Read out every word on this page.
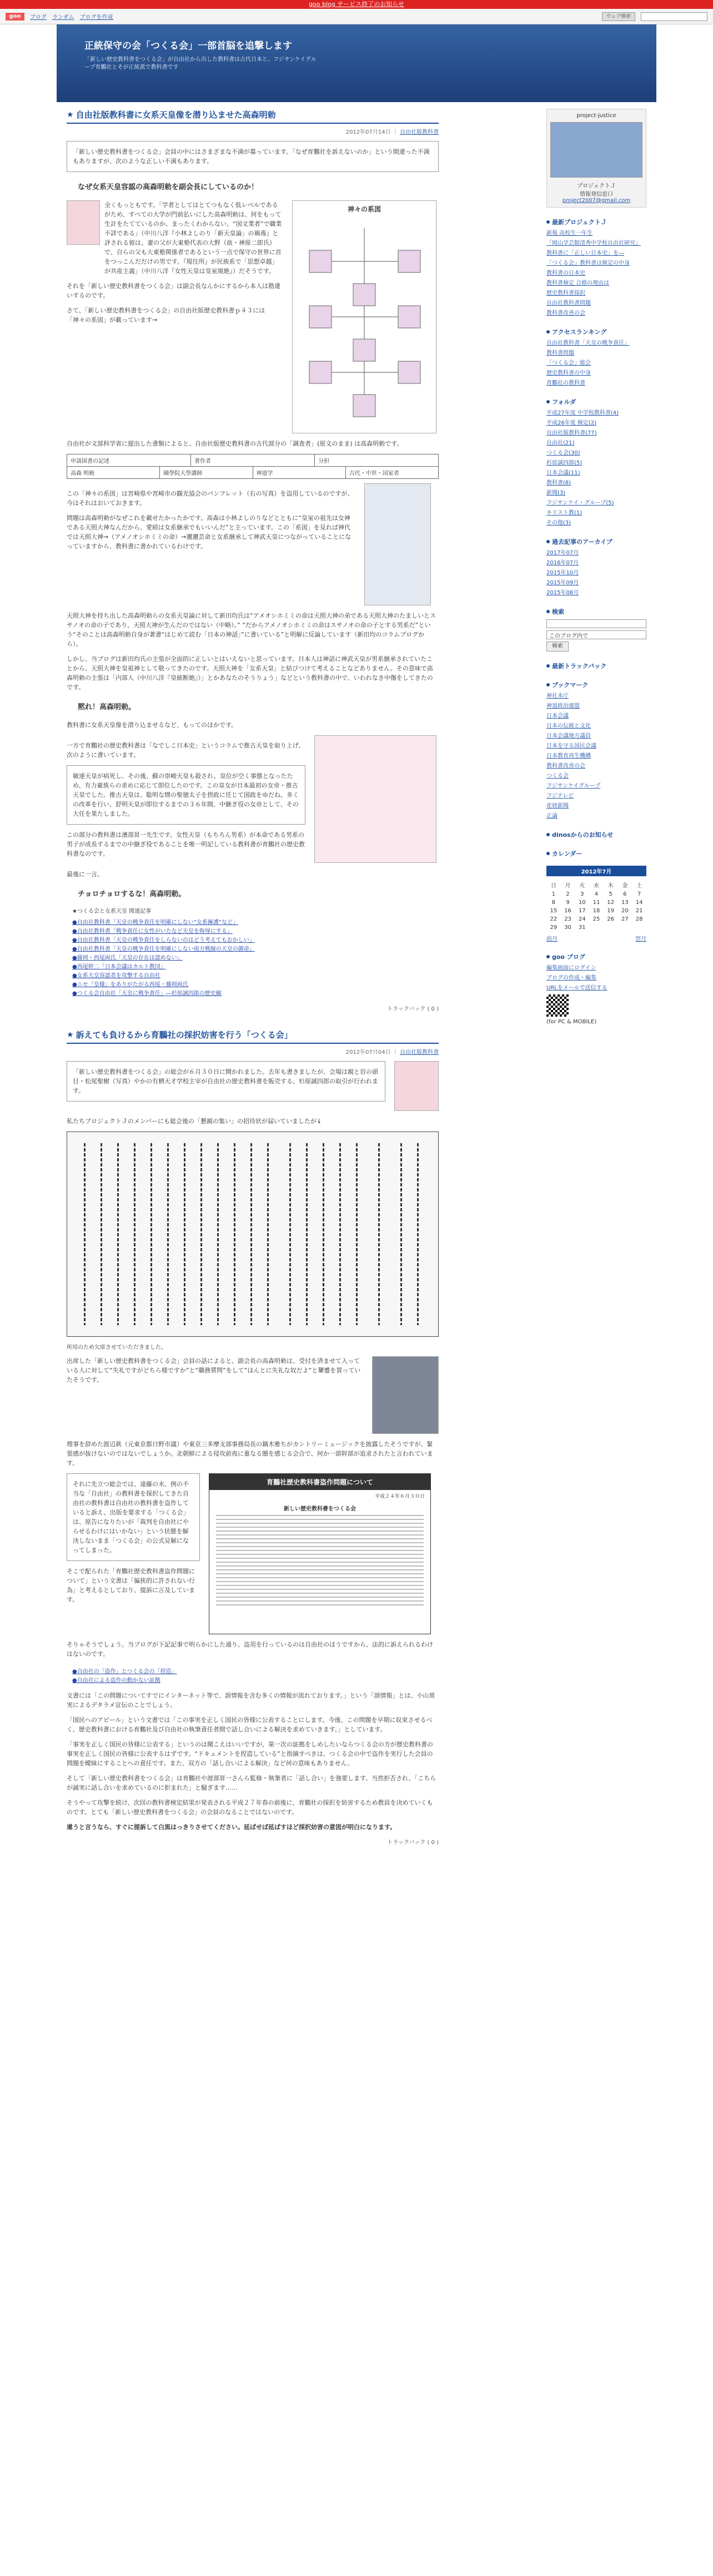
goo blog サービス終了のお知らせ
goo	ブログ ランダム ブログを作成	ウェブ検索
正統保守の会「つくる会」一部首脳を追撃します
「新しい歴史教科書をつくる会」が自由社から出した教科書は古代日本と、フジサンケイグループ育鵬社とそが正統派で教科書です
★ 自由社版教科書に女系天皇像を潜り込ませた高森明勅
2012年07月14日 ｜ 自由社版教科書
「新しい歴史教科書をつくる会」会員の中にはさまざまな不満が募っています。「なぜ育鵬社を訴えないのか」という間違った不満もありますが、次のような正しい不満もあります。
なぜ女系天皇容認の高森明勅を副会長にしているのか！
全くもっともです。「学者としてはとてつもなく低レベルであるがため、すべての大学が門前払いにした高森明勅は、何をもって生計をたてているのか、まったくわからない。“国文業者”で職業不詳である」（中川八洋『小林よしのり「新天皇論」の禍毒』と評される彼は、妻の父が大東塾代表の大野（故・神原二郎氏）で、自らの父も大東塾関係者であるという一点で保守の世界に首をつっこんだだけの男です。『現住所』が民族系で「思想卓越」が共産主義」（中川八洋『女性天皇は皇室廃絶』）だそうです。
それを「新しい歴史教科書をつくる会」は副会長なんかにするから本人は勘違いするのです。
さて、「新しい歴史教科書をつくる会」の自由社版歴史教科書ｐ４３には「神々の系図」が載っています→
神々の系図
自由社が文部科学省に提出した書類によると、自由社版歴史教科書の古代部分の「調査者」(原文のまま) は高森明勅です。
申請図書の記述	著作者	分担
高森 明勅	國學院大學講師	神道学	古代・中世・国家者
この「神々の系図」は宮崎県や宮崎市の観光協会のパンフレット（右の写真）を盗用しているのですが、今はそれはおいておきます。
問題は高森明勅がなぜこれを載せたかったかです。高森は小林よしのりなどとともに“皇室の祖先は女神である天照大神なんだから、愛続は女系継承でもいいんだ”と主っています。この「系図」を見れば神代では天照大神→（アメノオシホミミの命）→邇邇芸命と女系継承して神武天皇につながっていることになっていますから、教科書に書かれているわけです。
天照大神を持ち出した高森明勅らの女系天皇論に対して新田均氏は“アメオシホミミの命は天照大神の弟である天照大神のたましいとスサノオの命の子であり、天照大神が生んだのではない（中略）。” “だからアメノオシホミミの命はスサノオの命の子とする男系だ”という“そのことは高森明勅自身が著書“はじめて読む「日本の神話」”に書いている”と明解に反論しています（新田均のコラムブログから）。
しかし、当ブログは新田均氏の主張が全面的に正しいとはいえないと思っています。日本人は神話に神武天皇が男系継承されていたことから、天照大神を皇祖神として敬ってきたのです。天照大神を「女系天皇」と結びつけて考えることなどありません。その意味で高森明勅の主張は「内部人（中川八洋『皇統断絶』）」とかあなたのそうりょう」などという教科書の中で、いわれなき中傷をしてきたのです。
黙れ！高森明勅。
教科書に女系天皇像を潜り込ませるなど、もってのほかです。
一方で育鵬社の歴史教科書は「なでしこ日本史」というコラムで推古天皇を取り上げ、次のように書いています。
敏達天皇が病死し、その後、蘇の崇峻天皇も殺され、皇位が空く事態となったため、有力豪族らの求めに応じて即位したのです。この皇女が日本最初の女帝・推古天皇でした。推古天皇は、聡明な甥の聖徳太子を摂政に任じて国政をゆだね、多くの改革を行い、舒明天皇が即位するまでの３６年間、中継ぎ役の女帝として、その大任を果たしました。
この部分の教科書は濱部昇一先生です。女性天皇（もちろん男系）が本命である男系の男子が成長するまでの中継ぎ役であることを唯一明記している教科書が育鵬社の歴史教科書なのです。
最後に一言。
チョロチョロするな！高森明勅。
★つくる会と女系天皇 関連記事
●自由社教科書「天皇の戦争責任を明確にしない”女系擁護”など」
●自由社教科書「戦争責任に女性がいたなど天皇を侮辱にする」
●自由社教科書「天皇の戦争責任をしらないのはどう考えてもおかしい」
●自由社教科書「天皇の戦争責任を明確にしない南方戦線の天皇の御命」
●藤岡・西尾両氏「天皇の存在は認めない」
●西尾幹二「日本会議はカルト教団」
●女系天皇容認者を攻撃する自由社
●ニセ「皇様」をありがたがる西尾・藤岡両氏
●つくる会自由社「天皇に戦争責任」―杉原誠四郎の歴史観
トラックバック ( 0 )
★ 訴えても負けるから育鵬社の採択妨害を行う「つくる会」
2012年07月04日 ｜ 自由社版教科書
「新しい歴史教科書をつくる会」の総会が６月３０日に開かれました。去年も書きましたが、会場は親と岩の頭目・松尾聖樹（写真）やかの有栖天才学校主宰が自由社の歴史教科書を販売する、杉原誠四郎の取引が行われます。
私たちプロジェクトＪのメンバーにも総会後の「懇親の集い」の招待状が届いていましたが↓
所用のため欠席させていただきました。
出席した「新しい歴史教科書をつくる会」会員の話によると、副会長の高森明勅は、受付を済ませて入っている人に対して“失礼ですがどちら様ですか”と“職務質問”をして“ほんとに失礼な奴だよ”と顰蹙を買っていたそうです。
理事を辞めた渡辺眞（元東京都日野市議）や東京三多摩支部事務局長の鍋木雅ちがカントリーミュージックを披露したそうですが、緊張感が抜けないのではないでしょうか。北朝鮮による侵攻前夜に重なる闇を感じる会合で、何か一部幹部が追求されたと言われています。
それに先立つ総会では、遠藤の末、例の不当な「自由社」の教科書を採択してきた自由社の教科書は自由社の教科書を盗作していると訴え、出版を要求する「つくる会」は、原告になりたいが「裁判を自由社にやらせるわけにはいかない」という状態を解決しないまま「つくる会」の公式見解になってしまった。
そこで配られた「育鵬社歴史教科書盗作問題について」という文書は「偏狭的に許されない行為」と考えるとしており、提訴に言及しています。
育鵬社歴史教科書盗作問題について
平成２４年６月３０日
新しい歴史教科書をつくる会
そりゃそうでしょう。当ブログが下記記事で明らかにした通り、盗用を行っているのは自由社のほうですから、法的に訴えられるわけはないのです。
●自由社の「盗作」とつくる会の「捏造」
●自由社による盗作の動かない証拠
文書には「この問題についてすでにインターネット等で、誤情報を含む多くの情報が流れております。」という「誤情報」とは、小山常実によるデタラメ宣伝のことでしょう。
「国民へのアピール」という文書では「この事実を正しく国民の皆様に公表することにします。今後、この問題を早期に収束させるべく、歴史教科書における育鵬社及び自由社の執筆責任者間で話し合いによる解決を求めていきます。」としています。
「事実を正しく国民の皆様に公表する」というのは聞こえはいいですが、第一次の証拠をしめしたいならつくる会の方が歴史教科書の事実を正しく国民の皆様に公表するはずです。“ドキュメントを捏造している”と指摘すべきは、つくる会の中で盗作を実行した会員の問題を曖昧にすることへの責任です。また、双方の「話し合いによる解決」など何の意味もありません。
そして「新しい歴史教科書をつくる会」は育鵬社や渡部昇一さんら監修・執筆者に「話し合い」を強要します。当然拒否され、「こちらが誠実に話し合いを求めているのに拒まれた」と騒ぎます……
そうやって攻撃を続け、次回の教科書検定結果が発表される平成２７年春の前後に、育鵬社の採択を妨害するため教員を決めていくものです。とても「新しい歴史教科書をつくる会」の会員のなることではないのです。
違うと言うなら、すぐに提訴して白黒はっきりさせてください。延ばせば延ばすほど採択妨害の意図が明白になります。
トラックバック ( 0 )
project-justice
プロジェクトＪ
情報発信窓口
project2007@gmail.com
最新プロジェクトＪ
新報 高校生一年生
「岡山学芸館清秀中学校自由社研究」
教科書に「正しい日本史」を―
「つくる会」教科書は検定の中身
教科書の日本史
教科書検定 合格の理由は
歴史教科書採択
自由社教科書問題
教科書改善の会
アクセスランキング
自由社教科書「天皇の戦争責任」
教科書問題
「つくる会」総会
歴史教科書の中身
育鵬社の教科書
フォルダ
平成27年度 中学校教科書(4)
平成26年度 検定(2)
自由社版教科書(77)
自由社(21)
つくる会(30)
杉原誠四郎(5)
日本会議(11)
教科書(8)
新聞(3)
フジサンケイ・グループ(5)
キリスト教(1)
その他(3)
過去記事のアーカイブ
2017年07月
2016年07月
2015年10月
2015年09月
2015年08月
検索
このブログ内で
検索
最新トラックバック
ブックマーク
神社本庁
神道政治連盟
日本会議
日本の伝統と文化
日本会議地方議員
日本を守る国民会議
日本教育再生機構
教科書改善の会
つくる会
フジサンケイグループ
フジテレビ
産経新聞
正論
dinosからのお知らせ
カレンダー
2012年7月
日	月	火	水	木	金	土
1	2	3	4	5	6	7
8	9	10	11	12	13	14
15	16	17	18	19	20	21
22	23	24	25	26	27	28
29	30	31				
前月	翌月
goo ブログ
編集画面にログイン
ブログの作成・編集
URLをメールで送信する
(for PC & MOBILE)
